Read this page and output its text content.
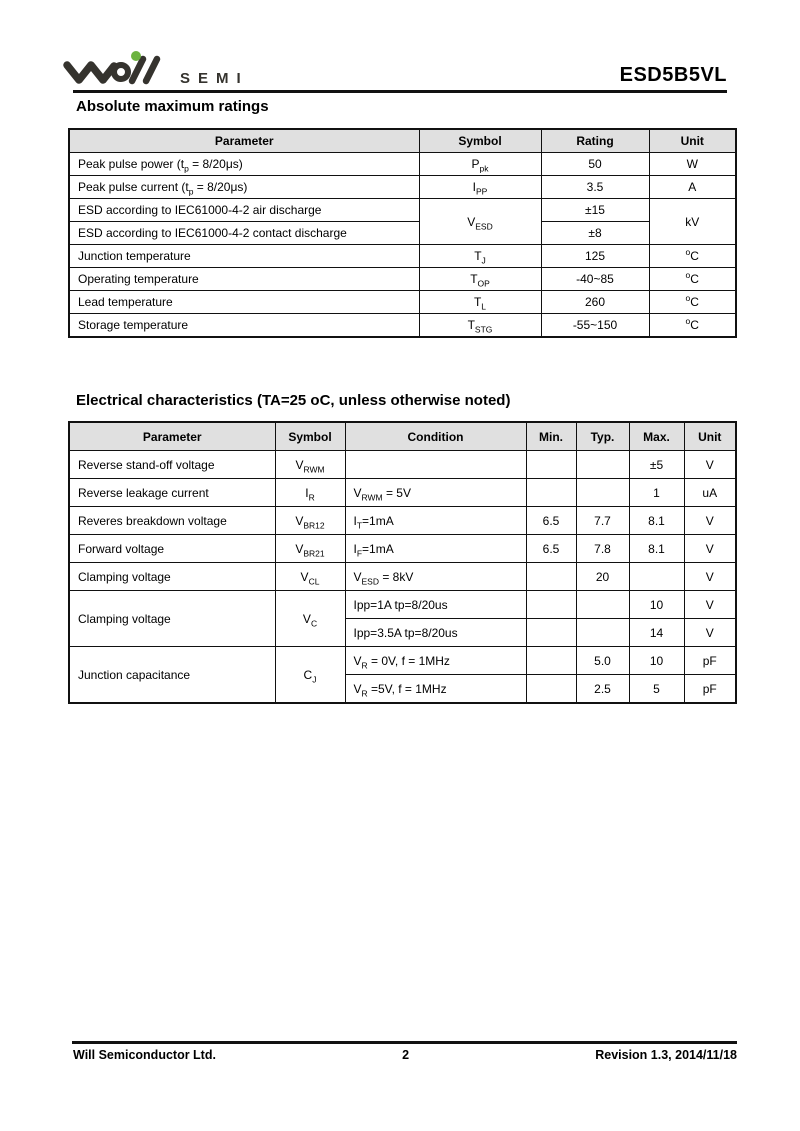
SEMI	ESD5B5VL
Absolute maximum ratings
Parameter	Symbol	Rating	Unit
Peak pulse power $(t_p = 8/20\mu s)$	$P_{pk}$	50	W
Peak pulse current $(t_p = 8/20\mu s)$	$I_{PP}$	3.5	A
ESD according to IEC61000-4-2 air discharge	$V_{ESD}$	±15	kV
ESD according to IEC61000-4-2 contact discharge		±8	
Junction temperature	$T_J$	125	$^o$C
Operating temperature	$T_{OP}$	-40~85	$^o$C
Lead temperature	$T_L$	260	$^o$C
Storage temperature	$T_{STG}$	-55~150	$^o$C
Electrical characteristics (TA=25 oC, unless otherwise noted)
Parameter	Symbol	Condition	Min.	Typ.	Max.	Unit
Reverse stand-off voltage	$V_{RWM}$				±5	V
Reverse leakage current	$I_R$	$V_{RWM} = 5V$			1	uA
Reveres breakdown voltage	$V_{BR12}$	$I_T=1mA$	6.5	7.7	8.1	V
Forward voltage	$V_{BR21}$	$I_F=1mA$	6.5	7.8	8.1	V
Clamping voltage	$V_{CL}$	$V_{ESD} = 8kV$		20		V
Clamping voltage	$V_C$	Ipp=1A tp=8/20us			10	V
		Ipp=3.5A tp=8/20us			14	V
Junction capacitance	$C_J$	$V_R = 0V$, f = 1MHz		5.0	10	pF
		$V_R =5V$, f = 1MHz		2.5	5	pF
Will Semiconductor Ltd.	2	Revision 1.3, 2014/11/18
